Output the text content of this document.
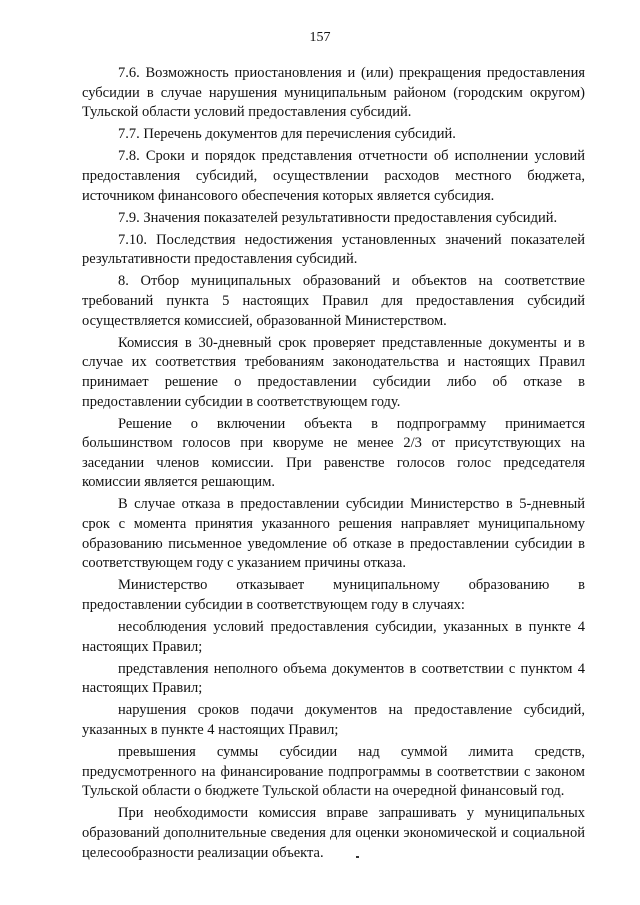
157

7.6. Возможность приостановления и (или) прекращения предоставления субсидии в случае нарушения муниципальным районом (городским округом) Тульской области условий предоставления субсидий.

7.7. Перечень документов для перечисления субсидий.

7.8. Сроки и порядок представления отчетности об исполнении условий предоставления субсидий, осуществлении расходов местного бюджета, источником финансового обеспечения которых является субсидия.

7.9. Значения показателей результативности предоставления субсидий.

7.10. Последствия недостижения установленных значений показателей результативности предоставления субсидий.

8. Отбор муниципальных образований и объектов на соответствие требований пункта 5 настоящих Правил для предоставления субсидий осуществляется комиссией, образованной Министерством.

Комиссия в 30-дневный срок проверяет представленные документы и в случае их соответствия требованиям законодательства и настоящих Правил принимает решение о предоставлении субсидии либо об отказе в предоставлении субсидии в соответствующем году.

Решение о включении объекта в подпрограмму принимается большинством голосов при кворуме не менее 2/3 от присутствующих на заседании членов комиссии. При равенстве голосов голос председателя комиссии является решающим.

В случае отказа в предоставлении субсидии Министерство в 5-дневный срок с момента принятия указанного решения направляет муниципальному образованию письменное уведомление об отказе в предоставлении субсидии в соответствующем году с указанием причины отказа.

Министерство отказывает муниципальному образованию в предоставлении субсидии в соответствующем году в случаях:

несоблюдения условий предоставления субсидии, указанных в пункте 4 настоящих Правил;

представления неполного объема документов в соответствии с пунктом 4 настоящих Правил;

нарушения сроков подачи документов на предоставление субсидий, указанных в пункте 4 настоящих Правил;

превышения суммы субсидии над суммой лимита средств, предусмотренного на финансирование подпрограммы в соответствии с законом Тульской области о бюджете Тульской области на очередной финансовый год.

При необходимости комиссия вправе запрашивать у муниципальных образований дополнительные сведения для оценки экономической и социальной целесообразности реализации объекта.
